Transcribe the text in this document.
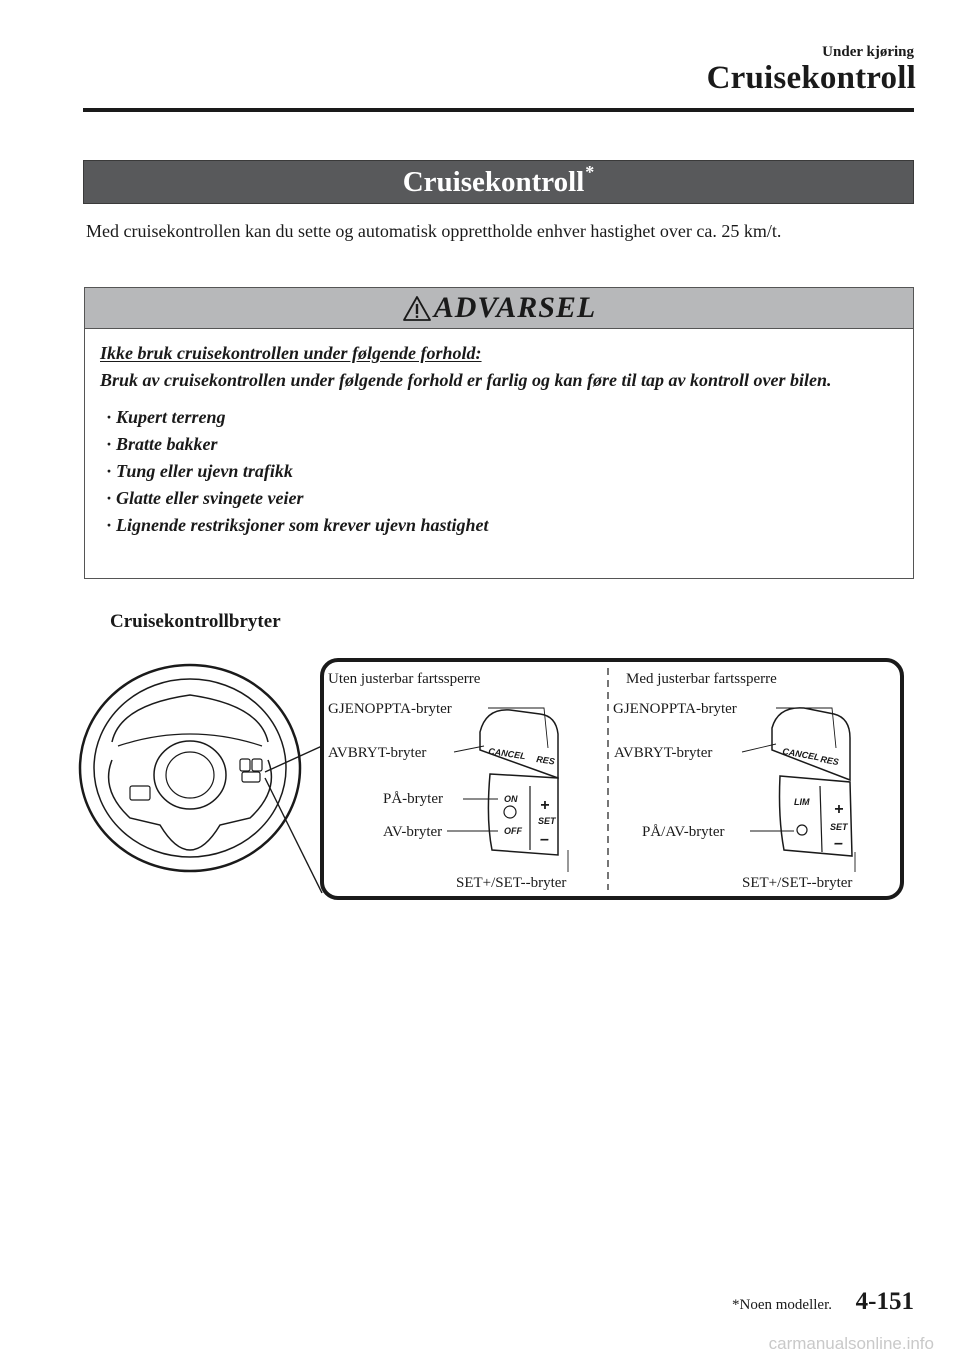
Under kjøring
Cruisekontroll
Cruisekontroll *
Med cruisekontrollen kan du sette og automatisk opprettholde enhver hastighet over ca. 25 km/t.
ADVARSEL
Ikke bruk cruisekontrollen under følgende forhold:
Bruk av cruisekontrollen under følgende forhold er farlig og kan føre til tap av kontroll over bilen.
· Kupert terreng
· Bratte bakker
· Tung eller ujevn trafikk
· Glatte eller svingete veier
· Lignende restriksjoner som krever ujevn hastighet
Cruisekontrollbryter
Uten justerbar fartssperre
GJENOPPTA-bryter
AVBRYT-bryter
PÅ-bryter
AV-bryter
SET+/SET--bryter
CANCEL RES
ON
OFF
SET
+
–
Med justerbar fartssperre
GJENOPPTA-bryter
AVBRYT-bryter
PÅ/AV-bryter
SET+/SET--bryter
CANCEL RES
LIM
SET
+
–
*Noen modeller. 4-151
carmanualsonline.info
